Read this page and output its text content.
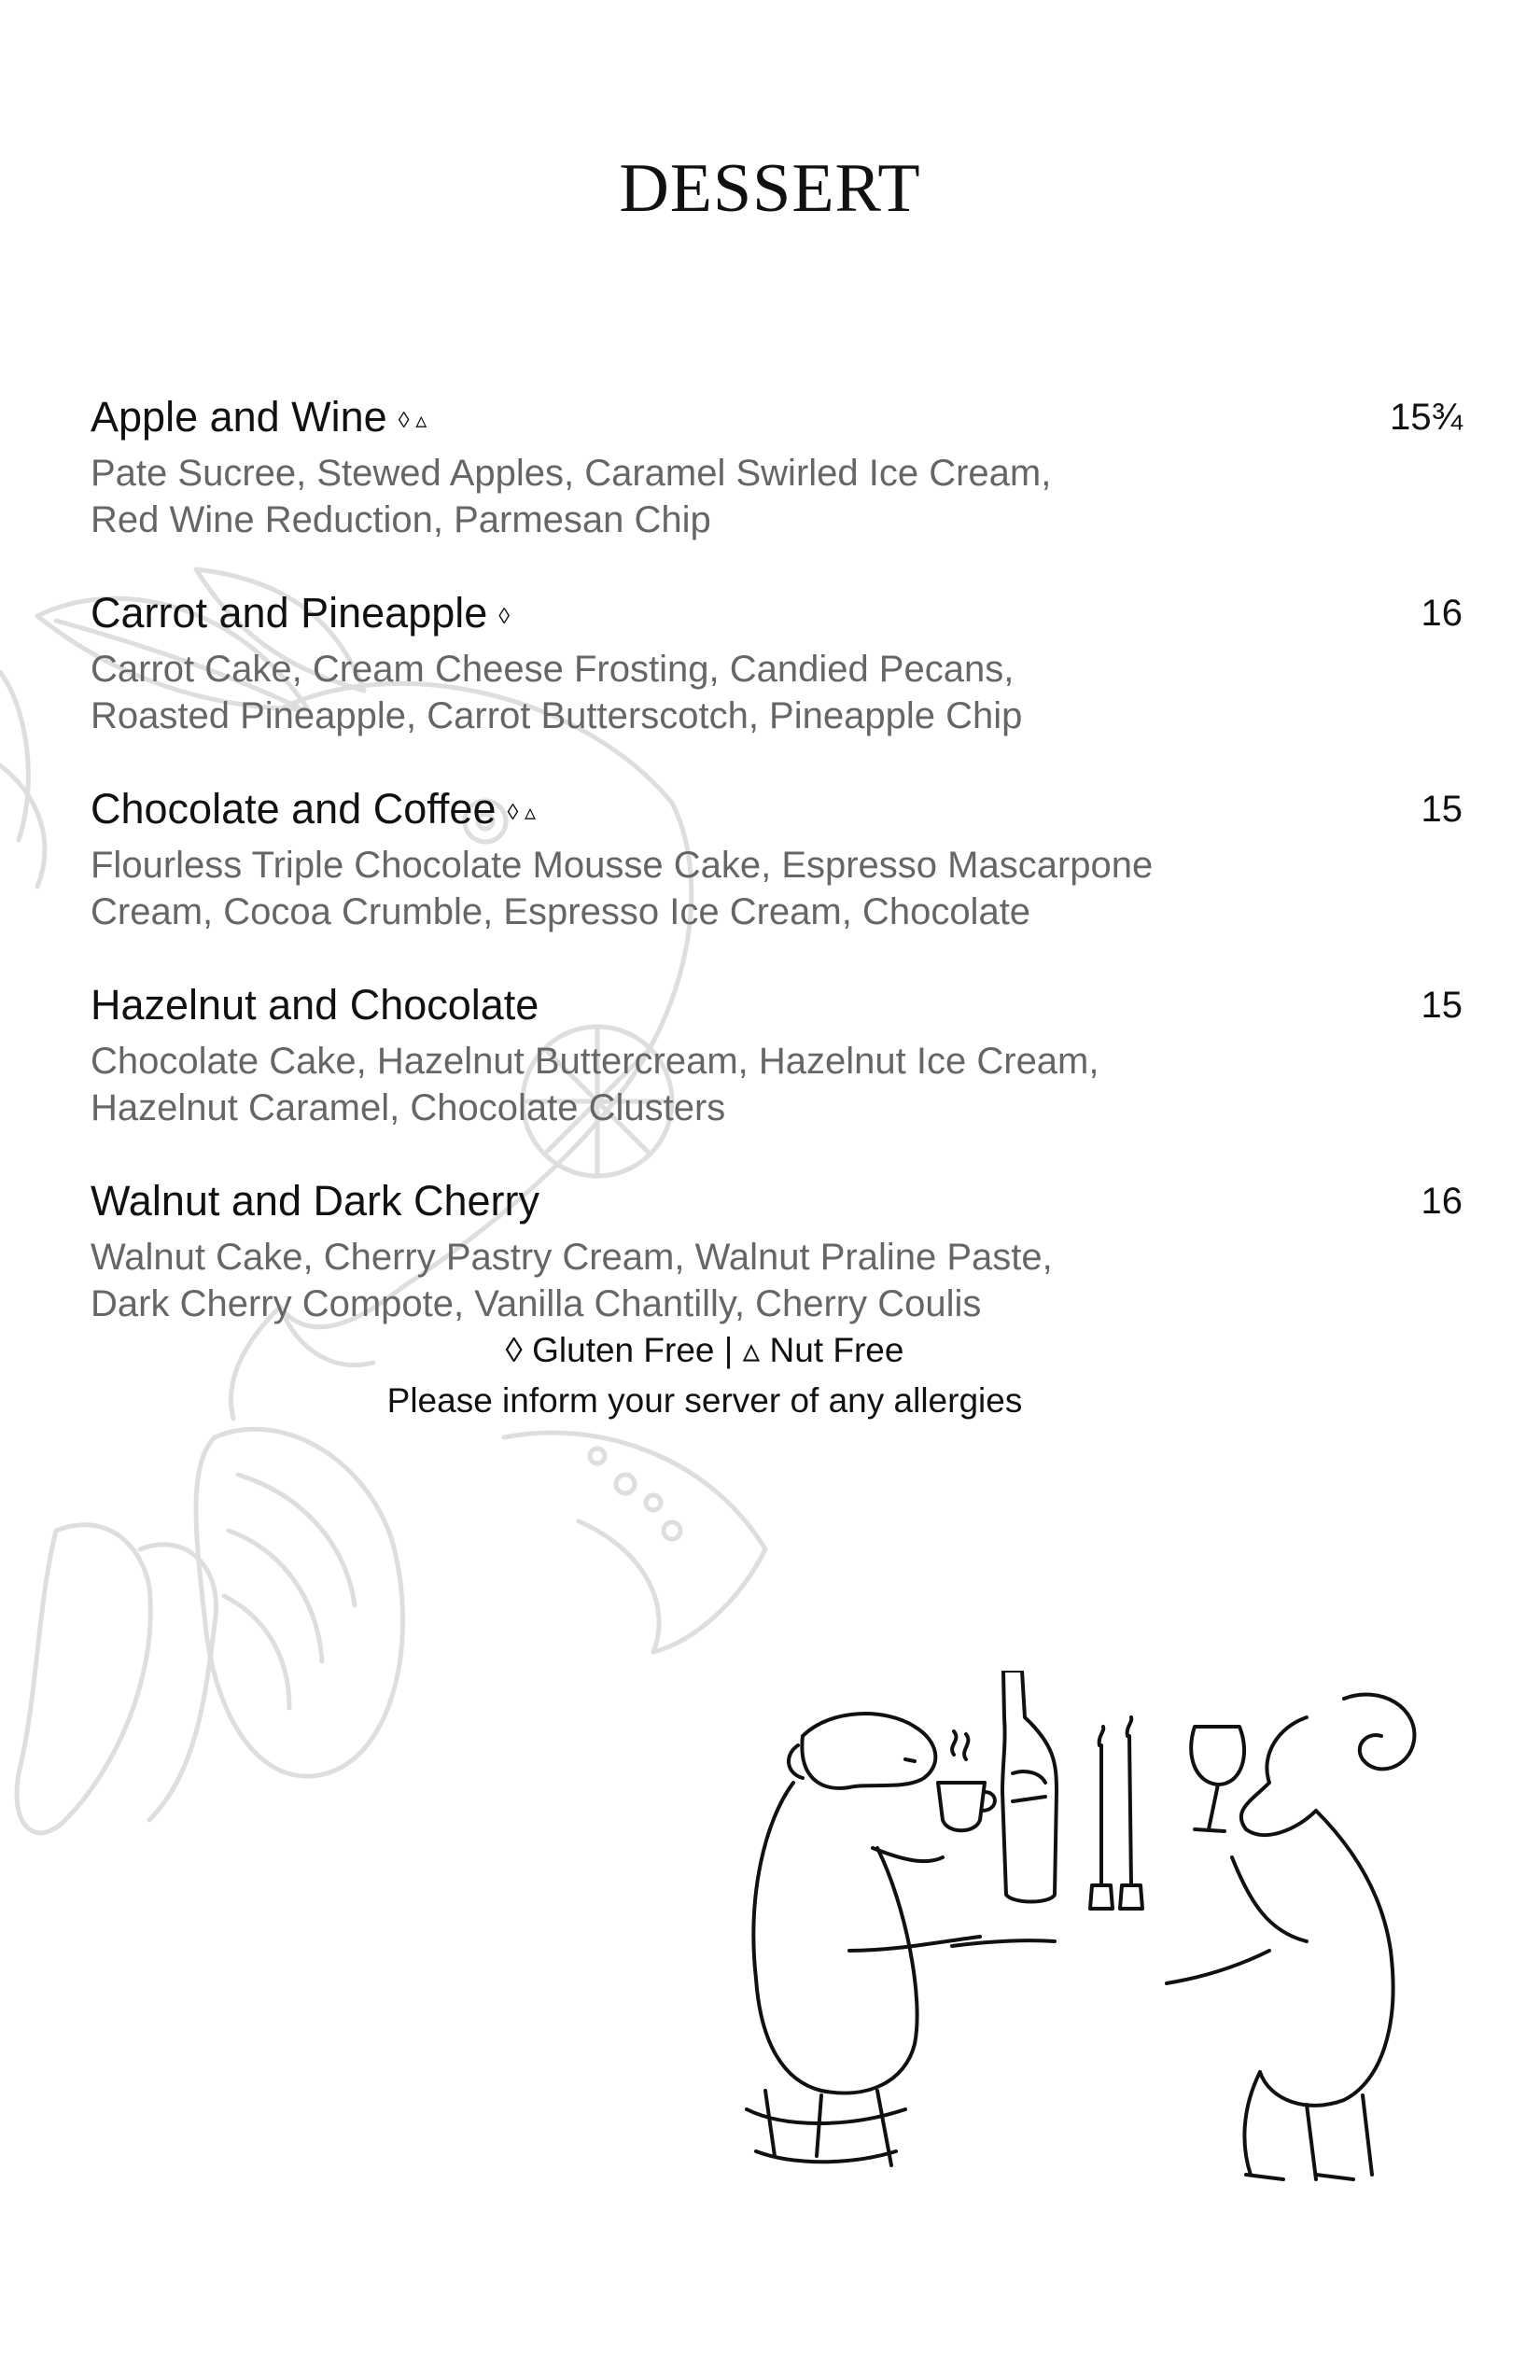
DESSERT
Apple and Wine ◊ ▵	15¾
Pate Sucree, Stewed Apples, Caramel Swirled Ice Cream,
Red Wine Reduction, Parmesan Chip
Carrot and Pineapple ◊	16
Carrot Cake, Cream Cheese Frosting, Candied Pecans,
Roasted Pineapple, Carrot Butterscotch, Pineapple Chip
Chocolate and Coffee ◊ ▵	15
Flourless Triple Chocolate Mousse Cake, Espresso Mascarpone
Cream, Cocoa Crumble, Espresso Ice Cream, Chocolate
Hazelnut and Chocolate	15
Chocolate Cake, Hazelnut Buttercream, Hazelnut Ice Cream,
Hazelnut Caramel, Chocolate Clusters
Walnut and Dark Cherry	16
Walnut Cake, Cherry Pastry Cream, Walnut Praline Paste,
Dark Cherry Compote, Vanilla Chantilly, Cherry Coulis
◊ Gluten Free | ▵ Nut Free
Please inform your server of any allergies
